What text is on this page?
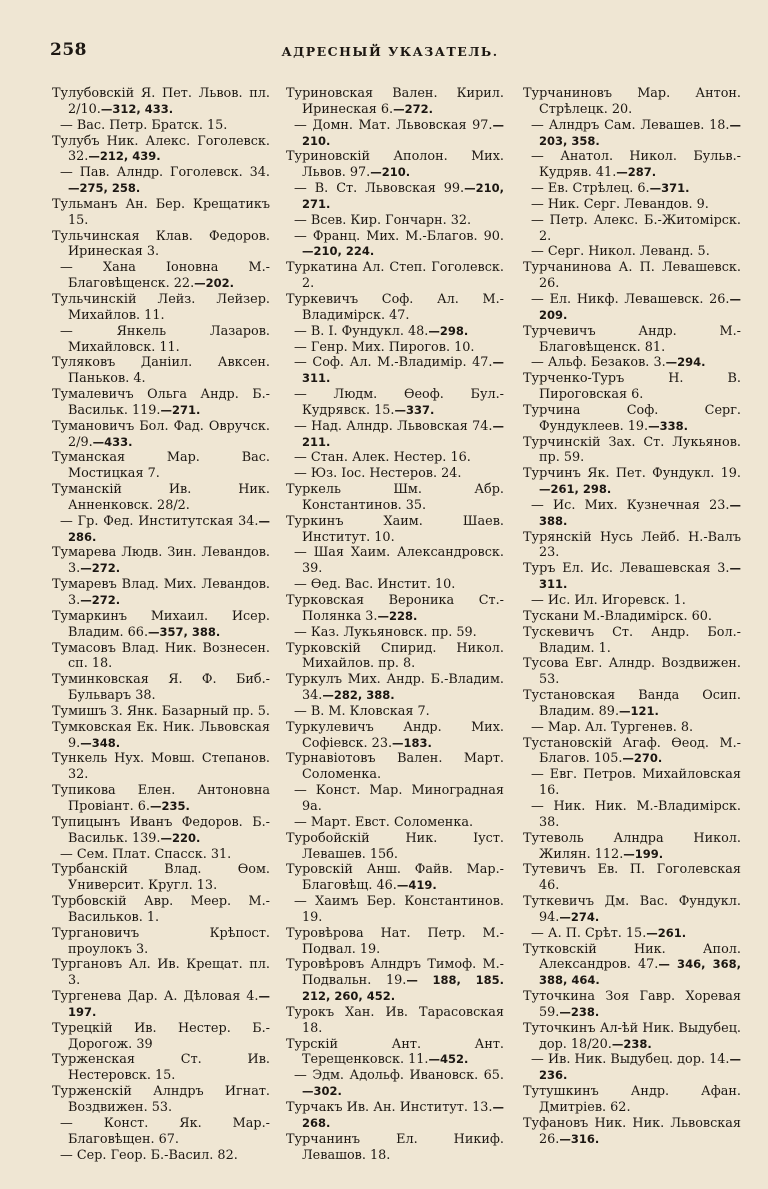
258	АДРЕСНЫЙ УКАЗАТЕЛЬ.

Тулубовскій Я. Пет. Львов. пл. 2/10.—312, 433.

— Вас. Петр. Братск. 15.

Тулубъ Ник. Алекс. Гоголевск. 32.—212, 439.

— Пав. Алндр. Гоголевск. 34.—275, 258.

Тульманъ Ан. Бер. Крещатикъ 15.

Тульчинская Клав. Федоров. Иринеская 3.

— Хана Іоновна М.-Благовѣщенск. 22.—202.

Тульчинскій Лейз. Лейзер. Михайлов. 11.

— Янкель Лазаров. Михайловск. 11.

Туляковъ Даніил. Авксен. Паньков. 4.

Тумалевичъ Ольга Андр. Б.-Васильк. 119.—271.

Тумановичъ Бол. Фад. Овручск. 2/9.—433.

Туманская Мар. Вас. Мостицкая 7.

Туманскій Ив. Ник. Анненковск. 28/2.

— Гр. Фед. Институтская 34.—286.

Тумарева Людв. Зин. Левандов. 3.—272.

Тумаревъ Влад. Мих. Левандов. 3.—272.

Тумаркинъ Михаил. Исер. Владим. 66.—357, 388.

Тумасовъ Влад. Ник. Вознесен. сп. 18.

Туминковская Я. Ф. Биб.-Бульваръ 38.

Тумишъ З. Янк. Базарный пр. 5.

Тумковская Ек. Ник. Львовская 9.—348.

Тункель Нух. Мовш. Степанов. 32.

Тупикова Елен. Антоновна Провіант. 6.—235.

Тупицынъ Иванъ Федоров. Б.-Васильк. 139.—220.

— Сем. Плат. Спасск. 31.

Турбанскій Влад. Ѳом. Университ. Кругл. 13.

Турбовскій Авр. Меер. М.-Васильков. 1.

Тургановичъ Крѣпост. проулокъ 3.

Тургановъ Ал. Ив. Крещат. пл. 3.

Тургенева Дар. А. Дѣловая 4.—197.

Турецкій Ив. Нестер. Б.-Дорогож. 39

Турженская Ст. Ив. Нестеровск. 15.

Турженскій Алндръ Игнат. Воздвижен. 53.

— Конст. Як. Мар.-Благовѣщен. 67.

— Сер. Геор. Б.-Васил. 82.

Туриновская Вален. Кирил. Иринеская 6.—272.

— Домн. Мат. Львовская 97.—210.

Туриновскій Аполон. Мих. Львов. 97.—210.

— В. Ст. Львовская 99.—210, 271.

— Всев. Кир. Гончарн. 32.

— Франц. Мих. М.-Благов. 90.—210, 224.

Туркатина Ал. Степ. Гоголевск. 2.

Туркевичъ Соф. Ал. М.-Владимірск. 47.

— В. І. Фундукл. 48.—298.

— Генр. Мих. Пирогов. 10.

— Соф. Ал. М.-Владимір. 47.—311.

— Людм. Ѳеоф. Бул.-Кудрявск. 15.—337.

— Над. Алндр. Львовская 74.—211.

— Стан. Алек. Нестер. 16.

— Юз. Іос. Нестеров. 24.

Туркель Шм. Абр. Константинов. 35.

Туркинъ Хаим. Шаев. Институт. 10.

— Шая Хаим. Александровск. 39.

— Ѳед. Вас. Инстит. 10.

Турковская Вероника Ст.-Полянка 3.—228.

— Каз. Лукьяновск. пр. 59.

Турковскій Спирид. Никол. Михайлов. пр. 8.

Туркулъ Мих. Андр. Б.-Владим. 34.—282, 388.

— В. М. Кловская 7.

Туркулевичъ Андр. Мих. Софіевск. 23.—183.

Турнавіотовъ Вален. Март. Соломенка.

— Конст. Мар. Миноградная 9а.

— Март. Евст. Соломенка.

Туробойскій Ник. Іуст. Левашев. 15б.

Туровскій Анш. Файв. Мар.-Благовѣщ. 46.—419.

— Хаимъ Бер. Константинов. 19.

Туровѣрова Нат. Петр. М.-Подвал. 19.

Туровѣровъ Алндръ Тимоф. М.-Подвальн. 19.— 188, 185. 212, 260, 452.

Турокъ Хан. Ив. Тарасовская 18.

Турскій Ант. Ант. Терещенковск. 11.—452.

— Эдм. Адольф. Ивановск. 65.—302.

Турчакъ Ив. Ан. Институт. 13.—268.

Турчанинъ Ел. Никиф. Левашов. 18.

Турчаниновъ Мар. Антон. Стрѣлецк. 20.

— Алндръ Сам. Левашев. 18.—203, 358.

— Анатол. Никол. Бульв.-Кудряв. 41.—287.

— Ев. Стрѣлец. 6.—371.

— Ник. Серг. Левандов. 9.

— Петр. Алекс. Б.-Житомірск. 2.

— Серг. Никол. Леванд. 5.

Турчанинова А. П. Левашевск. 26.

— Ел. Никф. Левашевск. 26.—209.

Турчевичъ Андр. М.-Благовѣщенск. 81.

— Альф. Безаков. 3.—294.

Турченко-Туръ Н. В. Пироговская 6.

Турчина Соф. Серг. Фундуклеев. 19.—338.

Турчинскій Зах. Ст. Лукьянов. пр. 59.

Турчинъ Як. Пет. Фундукл. 19.—261, 298.

— Ис. Мих. Кузнечная 23.—388.

Турянскій Нусь Лейб. Н.-Валъ 23.

Туръ Ел. Ис. Левашевская 3.—311.

— Ис. Ил. Игоревск. 1.

Тускани М.-Владимірск. 60.

Тускевичъ Ст. Андр. Бол.-Владим. 1.

Тусова Евг. Алндр. Воздвижен. 53.

Тустановская Ванда Осип. Владим. 89.—121.

— Мар. Ал. Тургенев. 8.

Тустановскій Агаф. Ѳеод. М.-Благов. 105.—270.

— Евг. Петров. Михайловская 16.

— Ник. Ник. М.-Владимірск. 38.

Тутеволь Алндра Никол. Жилян. 112.—199.

Тутевичъ Ев. П. Гоголевская 46.

Туткевичъ Дм. Вас. Фундукл. 94.—274.

— А. П. Срѣт. 15.—261.

Тутковскій Ник. Апол. Александров. 47.— 346, 368, 388, 464.

Туточкина Зоя Гавр. Хоревая 59.—238.

Туточкинъ Ал-ѣй Ник. Выдубец. дор. 18/20.—238.

— Ив. Ник. Выдубец. дор. 14.—236.

Тутушкинъ Андр. Афан. Дмитріев. 62.

Туфановъ Ник. Ник. Львовская 26.—316.
